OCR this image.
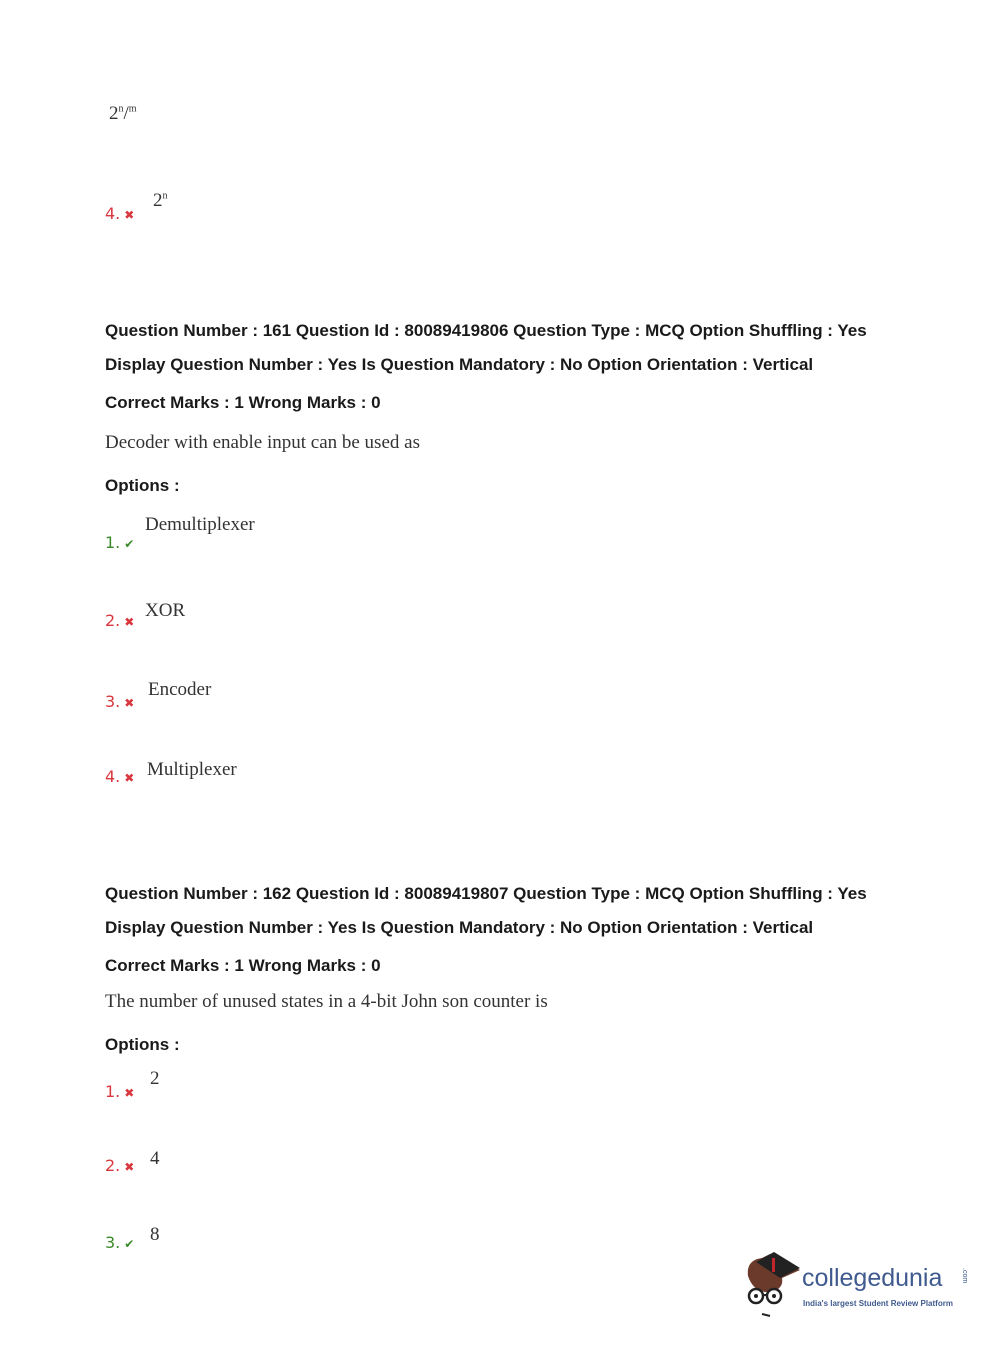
2$^n$/$^m$
4. ✖
2$^n$
Question Number : 161 Question Id : 80089419806 Question Type : MCQ Option Shuffling : Yes
Display Question Number : Yes Is Question Mandatory : No Option Orientation : Vertical
Correct Marks : 1 Wrong Marks : 0
Decoder with enable input can be used as
Options :
1. ✔
Demultiplexer
2. ✖
XOR
3. ✖
Encoder
4. ✖ Multiplexer
Question Number : 162 Question Id : 80089419807 Question Type : MCQ Option Shuffling : Yes
Display Question Number : Yes Is Question Mandatory : No Option Orientation : Vertical
Correct Marks : 1 Wrong Marks : 0
The number of unused states in a 4-bit John son counter is
Options :
1. ✖
2
2. ✖ 4
3. ✔ 8
collegedunia	.com
India's largest Student Review Platform
